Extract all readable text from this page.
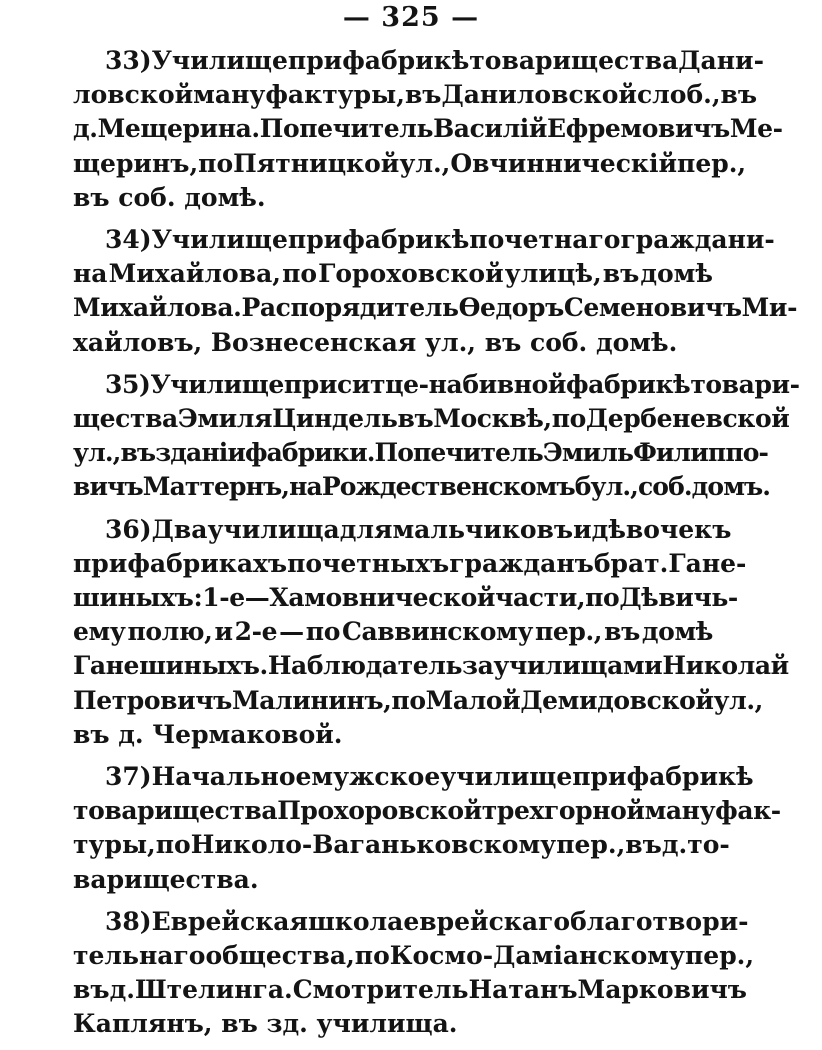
— 325 —
33) Училище при фабрикѣ товарищества Дани-
ловской мануфактуры, въ Даниловской слоб., въ
д. Мещерина. Попечитель Василій Ефремовичъ Ме-
щеринъ, по Пятницкой ул., Овчинническій пер.,
въ соб. домѣ.
34) Училище при фабрикѣ почетнаго граждани-
на Михайлова, по Гороховской улицѣ, въ домѣ
Михайлова. Распорядитель Өедоръ Семеновичъ Ми-
хайловъ, Вознесенская ул., въ соб. домѣ.
35) Училище при ситце-набивной фабрикѣ товари-
щества Эмиля Циндель въ Москвѣ, по Дербеневской
ул., въ зданіи фабрики. Попечитель Эмиль Филиппо-
вичъ Маттернъ, на Рождественскомъ бул., соб. домъ.
36) Два училища для мальчиковъ и дѣвочекъ
при фабрикахъ почетныхъ гражданъ брат. Гане-
шиныхъ: 1-е — Хамовнической части, по Дѣвичь-
ему полю, и 2-е — по Саввинскому пер., въ домѣ
Ганешиныхъ. Наблюдатель за училищами Николай
Петровичъ Малининъ, по Малой Демидовской ул.,
въ д. Чермаковой.
37) Начальное мужское училище при фабрикѣ
товарищества Прохоровской трехгорной мануфак-
туры, по Николо-Ваганьковскому пер., въ д. то-
варищества.
38) Еврейская школа еврейскаго благотвори-
тельнаго общества, по Космо-Даміанскому пер.,
въ д. Штелинга. Смотритель Натанъ Марковичъ
Каплянъ, въ зд. училища.
